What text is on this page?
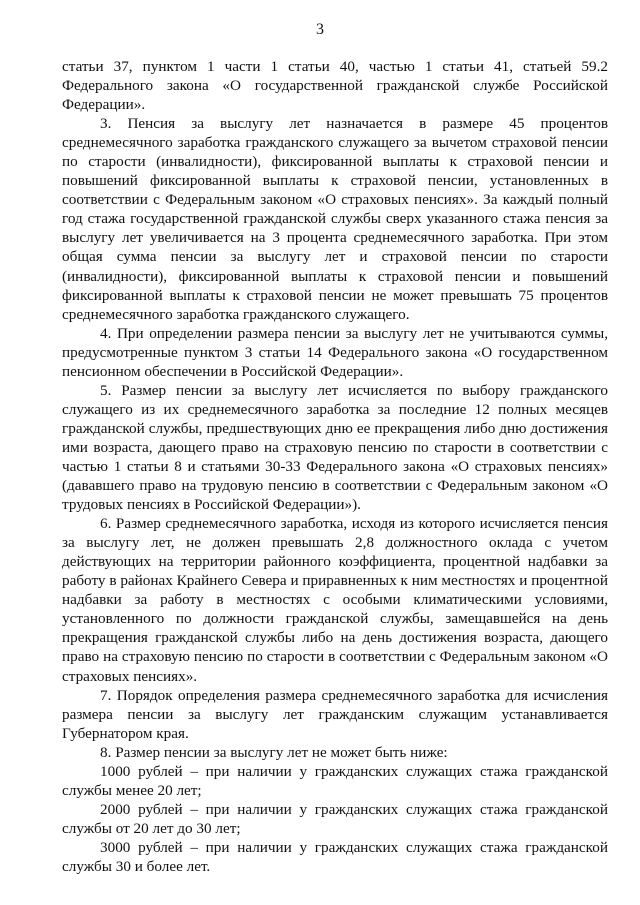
3

статьи 37, пунктом 1 части 1 статьи 40, частью 1 статьи 41, статьей 59.2 Федерального закона «О государственной гражданской службе Российской Федерации».

3. Пенсия за выслугу лет назначается в размере 45 процентов среднемесячного заработка гражданского служащего за вычетом страховой пенсии по старости (инвалидности), фиксированной выплаты к страховой пенсии и повышений фиксированной выплаты к страховой пенсии, установленных в соответствии с Федеральным законом «О страховых пенсиях». За каждый полный год стажа государственной гражданской службы сверх указанного стажа пенсия за выслугу лет увеличивается на 3 процента среднемесячного заработка. При этом общая сумма пенсии за выслугу лет и страховой пенсии по старости (инвалидности), фиксированной выплаты к страховой пенсии и повышений фиксированной выплаты к страховой пенсии не может превышать 75 процентов среднемесячного заработка гражданского служащего.

4. При определении размера пенсии за выслугу лет не учитываются суммы, предусмотренные пунктом 3 статьи 14 Федерального закона «О государственном пенсионном обеспечении в Российской Федерации».

5. Размер пенсии за выслугу лет исчисляется по выбору гражданского служащего из их среднемесячного заработка за последние 12 полных месяцев гражданской службы, предшествующих дню ее прекращения либо дню достижения ими возраста, дающего право на страховую пенсию по старости в соответствии с частью 1 статьи 8 и статьями 30-33 Федерального закона «О страховых пенсиях» (дававшего право на трудовую пенсию в соответствии с Федеральным законом «О трудовых пенсиях в Российской Федерации»).

6. Размер среднемесячного заработка, исходя из которого исчисляется пенсия за выслугу лет, не должен превышать 2,8 должностного оклада с учетом действующих на территории районного коэффициента, процентной надбавки за работу в районах Крайнего Севера и приравненных к ним местностях и процентной надбавки за работу в местностях с особыми климатическими условиями, установленного по должности гражданской службы, замещавшейся на день прекращения гражданской службы либо на день достижения возраста, дающего право на страховую пенсию по старости в соответствии с Федеральным законом «О страховых пенсиях».

7. Порядок определения размера среднемесячного заработка для исчисления размера пенсии за выслугу лет гражданским служащим устанавливается Губернатором края.

8. Размер пенсии за выслугу лет не может быть ниже:

1000 рублей – при наличии у гражданских служащих стажа гражданской службы менее 20 лет;

2000 рублей – при наличии у гражданских служащих стажа гражданской службы от 20 лет до 30 лет;

3000 рублей – при наличии у гражданских служащих стажа гражданской службы 30 и более лет.
